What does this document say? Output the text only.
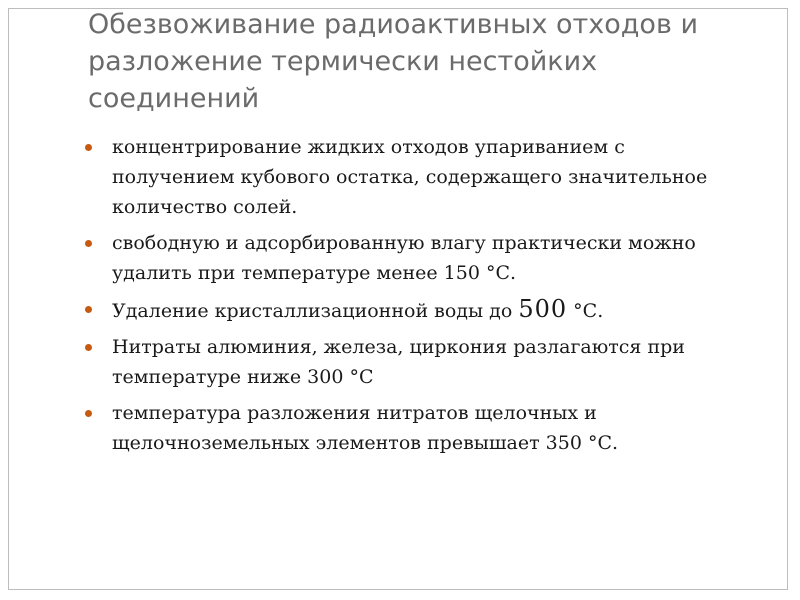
Обезвоживание радиоактивных отходов и разложение термически нестойких соединений
концентрирование жидких отходов упариванием с получением кубового остатка, содержащего значительное количество солей.
свободную и адсорбированную влагу практически можно удалить при температуре менее 150 °С.
Удаление кристаллизационной воды до 500 °С.
Нитраты алюминия, железа, циркония разлагаются при температуре ниже 300 °С
температура разложения нитратов щелочных и щелочноземельных элементов превышает 350 °С.
